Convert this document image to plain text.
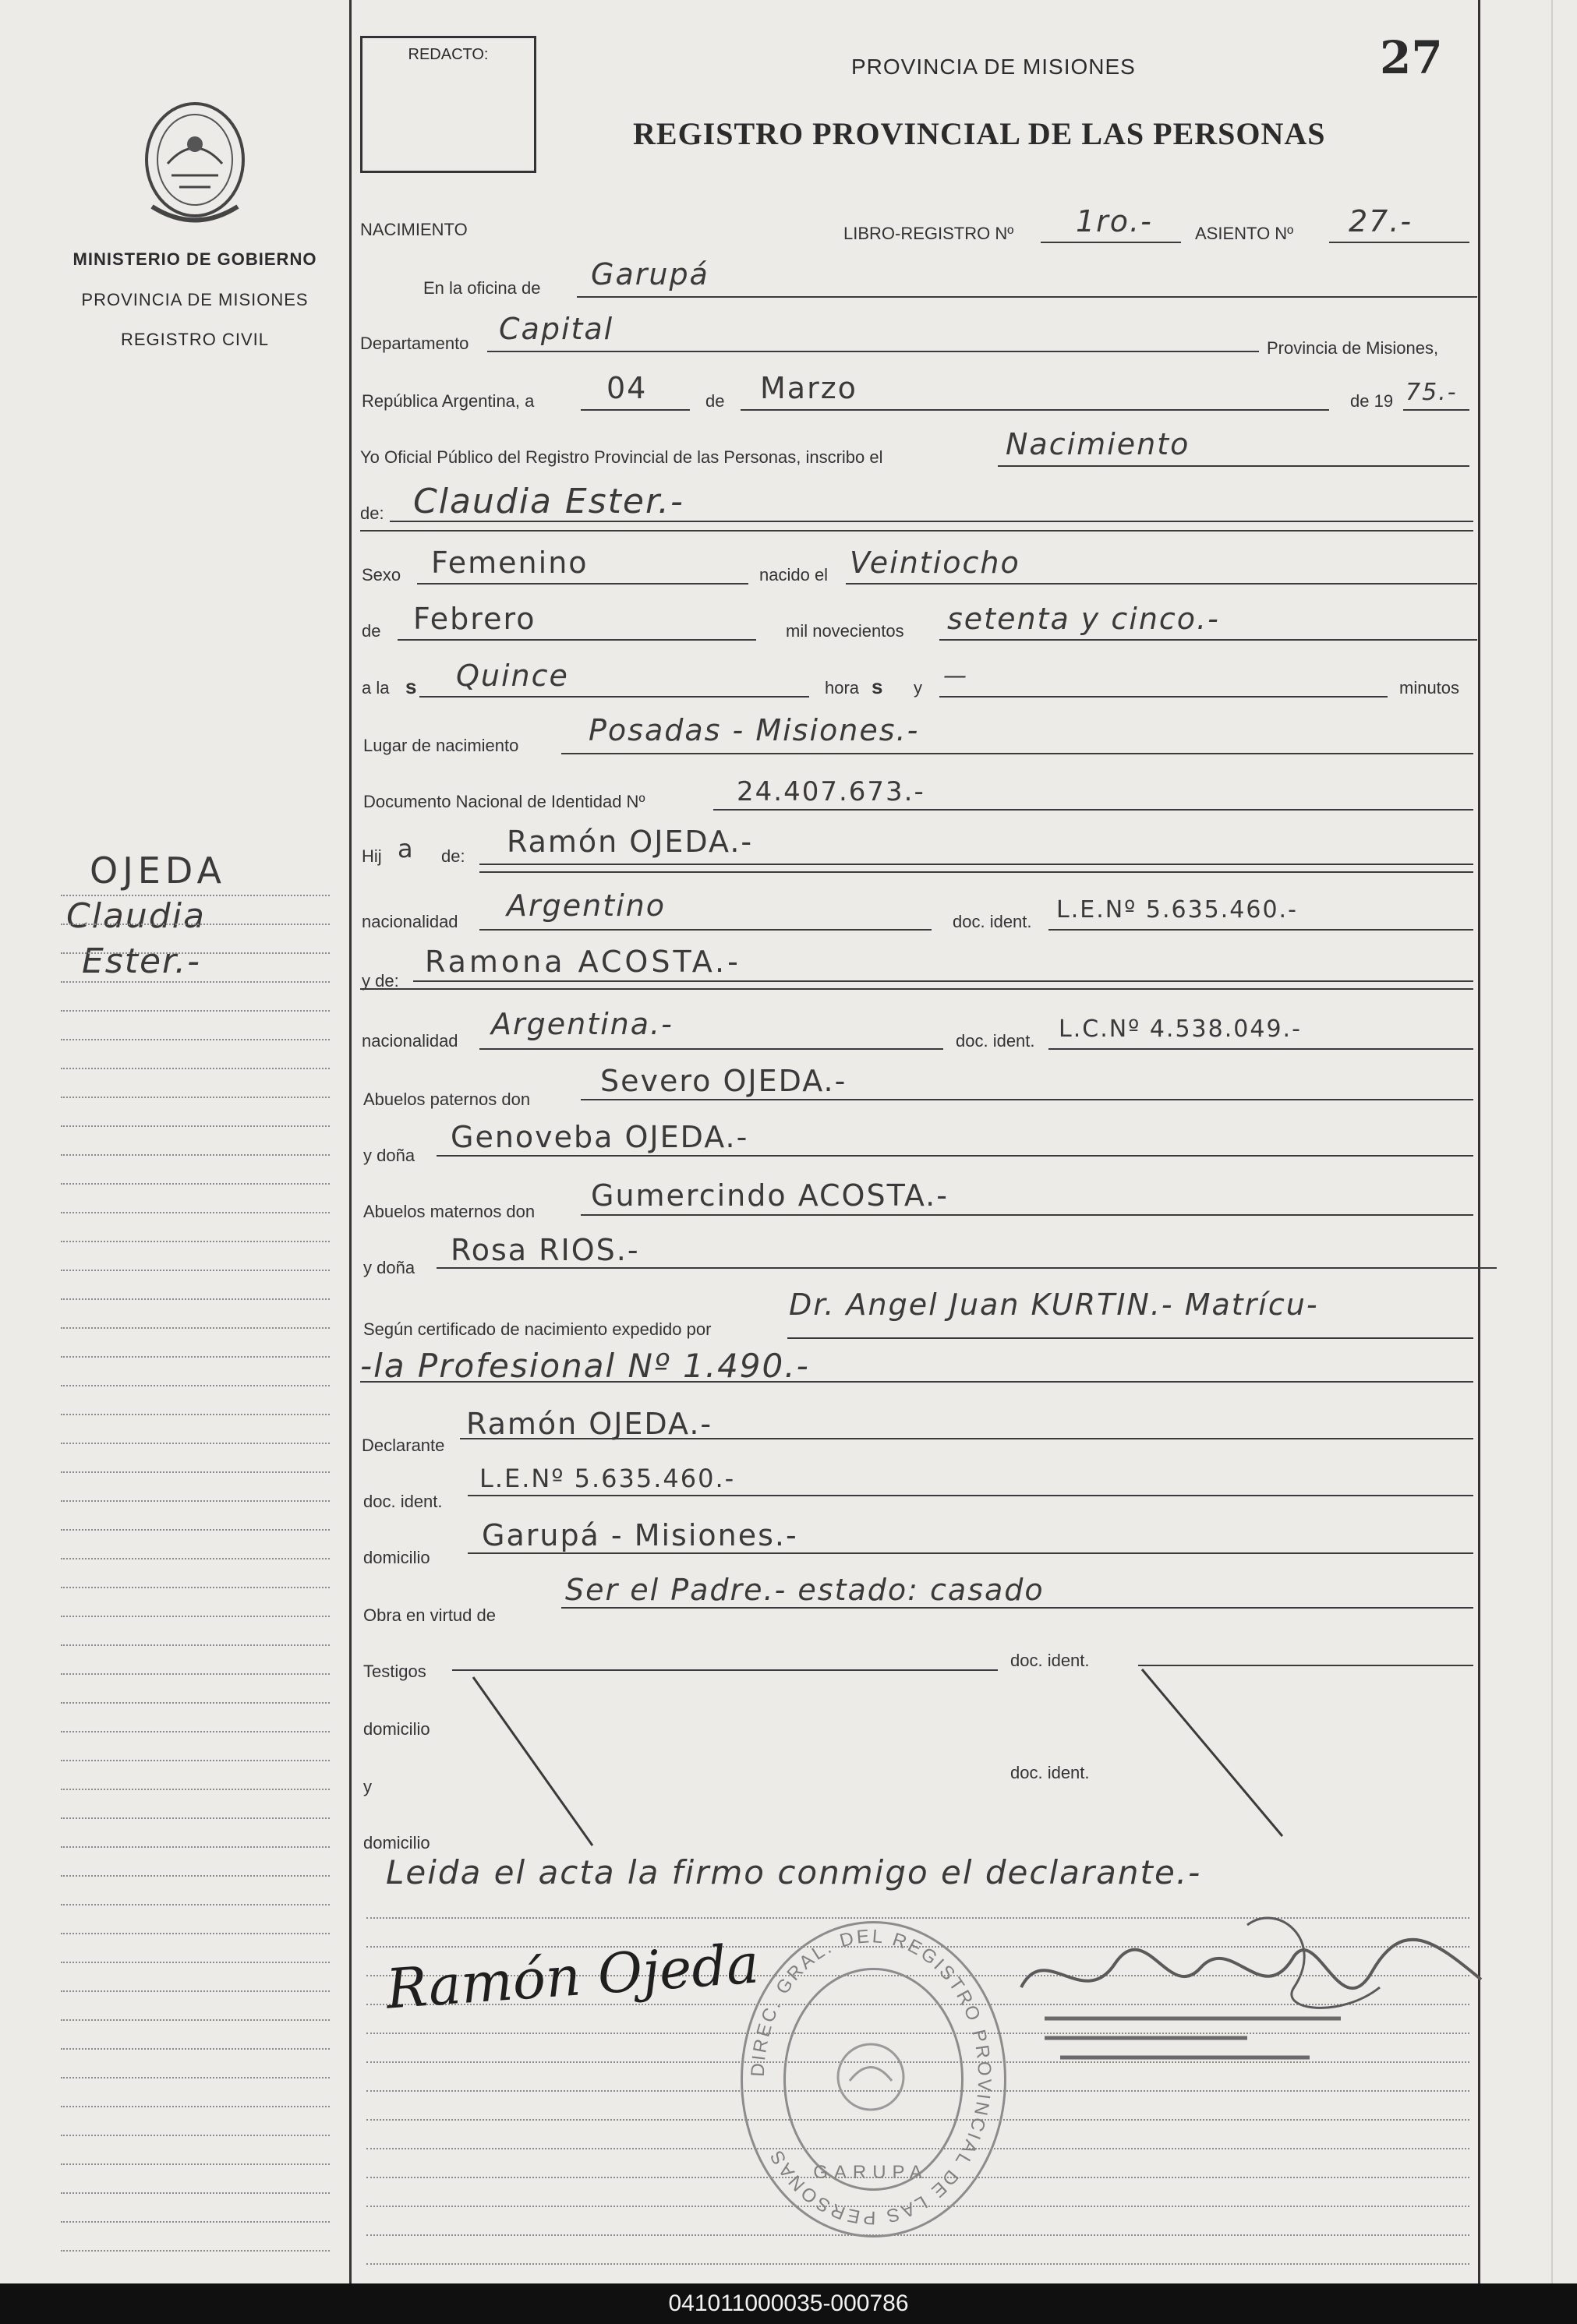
27
MINISTERIO DE GOBIERNO
PROVINCIA DE MISIONES
REGISTRO CIVIL
OJEDA
Claudia
Ester.-
REDACTO:	PROVINCIA DE MISIONES
REGISTRO PROVINCIAL DE LAS PERSONAS
NACIMIENTO	LIBRO-REGISTRO Nº 1ro.- ASIENTO Nº 27.-
En la oficina de Garupá
Departamento Capital
Provincia de Misiones,
República Argentina, a 04	de Marzo	de 19 75.-
Yo Oficial Público del Registro Provincial de las Personas, inscribo el	Nacimiento
de: Claudia Ester.-
Sexo Femenino	nacido el Veintiocho
de Febrero	mil novecientos setenta y cinco.-
a la s Quince	hora s y —	minutos
Lugar de nacimiento Posadas - Misiones.-
Documento Nacional de Identidad Nº	24.407.673.-
Hij a de: Ramón OJEDA.-
nacionalidad Argentino	doc. ident. L.E.Nº 5.635.460.-
y de:
Ramona ACOSTA.-
nacionalidad Argentina.-	doc. ident. L.C.Nº 4.538.049.-
Abuelos paternos don
Severo OJEDA.-
y doña
Genoveba OJEDA.-
Abuelos maternos don Gumercindo ACOSTA.-
y doña
Rosa RIOS.-
Según certificado de nacimiento expedido por
Dr. Angel Juan KURTIN.- Matrícu-
-la Profesional Nº 1.490.-
Declarante
Ramón OJEDA.-
doc. ident.
L.E.Nº 5.635.460.-
domicilio
Garupá - Misiones.-
Obra en virtud de
Ser el Padre.- estado: casado
Testigos
doc. ident.
domicilio
y
doc. ident.
domicilio
Leida el acta la firmo conmigo el declarante.-
Ramón Ojeda
DIREC. GRAL. DEL REGISTRO PROVINCIAL DE LAS PERSONAS
GARUPA
041011000035-000786
